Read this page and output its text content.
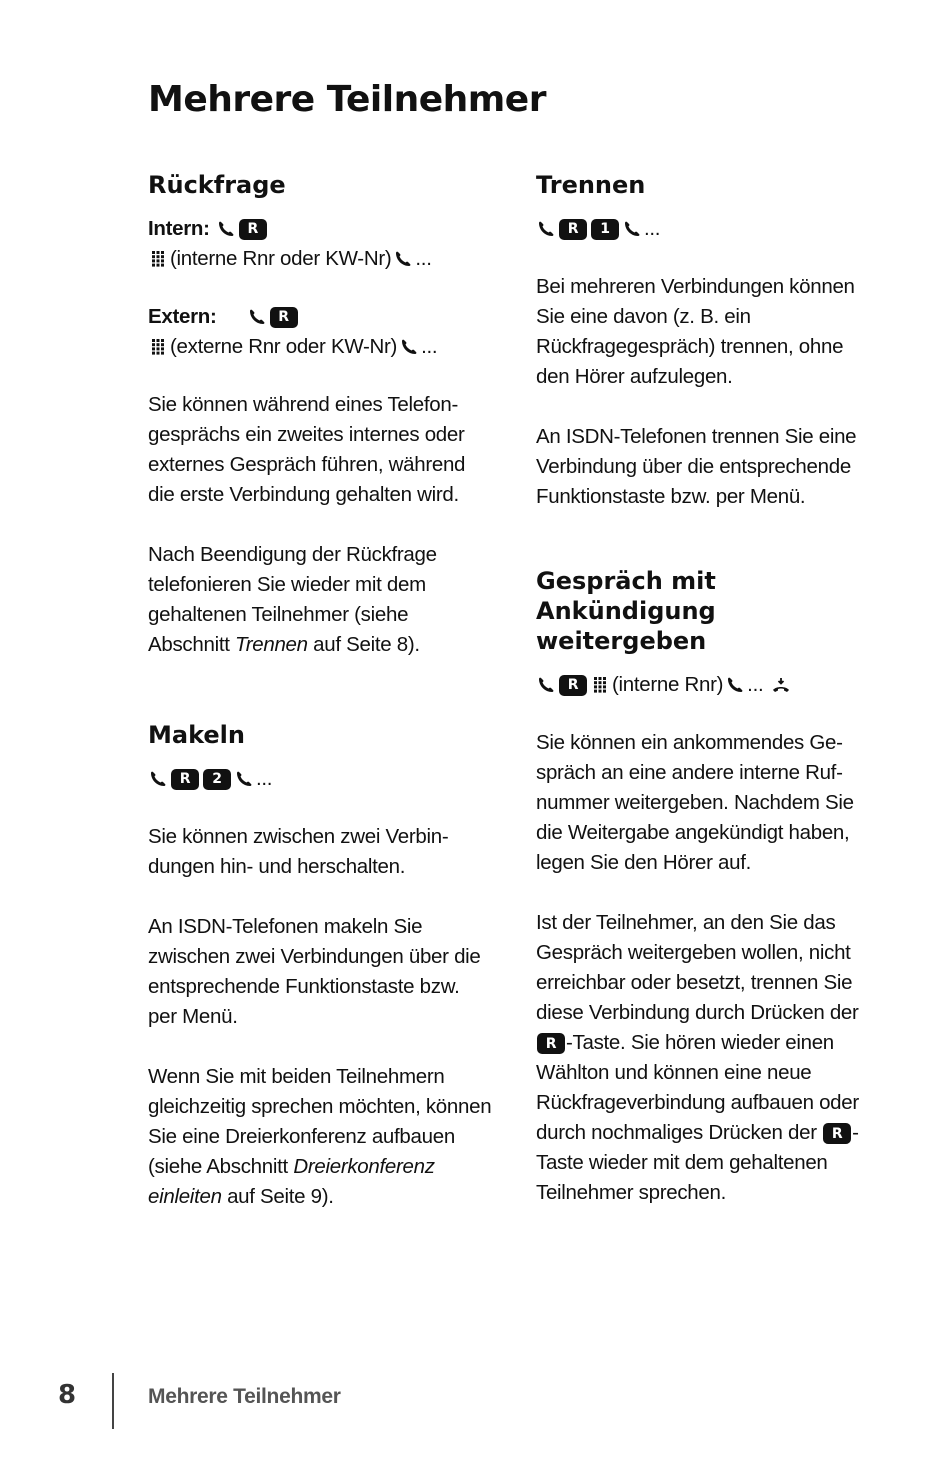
Mehrere Teilnehmer
Rückfrage
Intern:	R
(interne Rnr oder KW-Nr) ...
Extern:	R
(externe Rnr oder KW-Nr) ...

Sie können während eines Telefongesprächs ein zweites internes oder externes Gespräch führen, während die erste Verbindung gehalten wird.

Nach Beendigung der Rückfrage telefonieren Sie wieder mit dem gehaltenen Teilnehmer (siehe Abschnitt Trennen auf Seite 8).

Makeln
R	2	...

Sie können zwischen zwei Verbindungen hin- und herschalten.

An ISDN-Telefonen makeln Sie zwischen zwei Verbindungen über die entsprechende Funktionstaste bzw. per Menü.

Wenn Sie mit beiden Teilnehmern gleichzeitig sprechen möchten, können Sie eine Dreierkonferenz aufbauen (siehe Abschnitt Dreierkonferenz einleiten auf Seite 9).

Trennen
R	1	...

Bei mehreren Verbindungen können Sie eine davon (z. B. ein Rückfragegespräch) trennen, ohne den Hörer aufzulegen.

An ISDN-Telefonen trennen Sie eine Verbindung über die entsprechende Funktionstaste bzw. per Menü.

Gespräch mit
Ankündigung weitergeben
R	(interne Rnr) ...

Sie können ein ankommendes Gespräch an eine andere interne Rufnummer weitergeben. Nachdem Sie die Weitergabe angekündigt haben, legen Sie den Hörer auf.

Ist der Teilnehmer, an den Sie das Gespräch weitergeben wollen, nicht erreichbar oder besetzt, trennen Sie diese Verbindung durch Drücken der R -Taste. Sie hören wieder einen Wählton und können eine neue Rückfrageverbindung aufbauen oder durch nochmaliges Drücken der R -Taste wieder mit dem gehaltenen Teilnehmer sprechen.

8	Mehrere Teilnehmer
